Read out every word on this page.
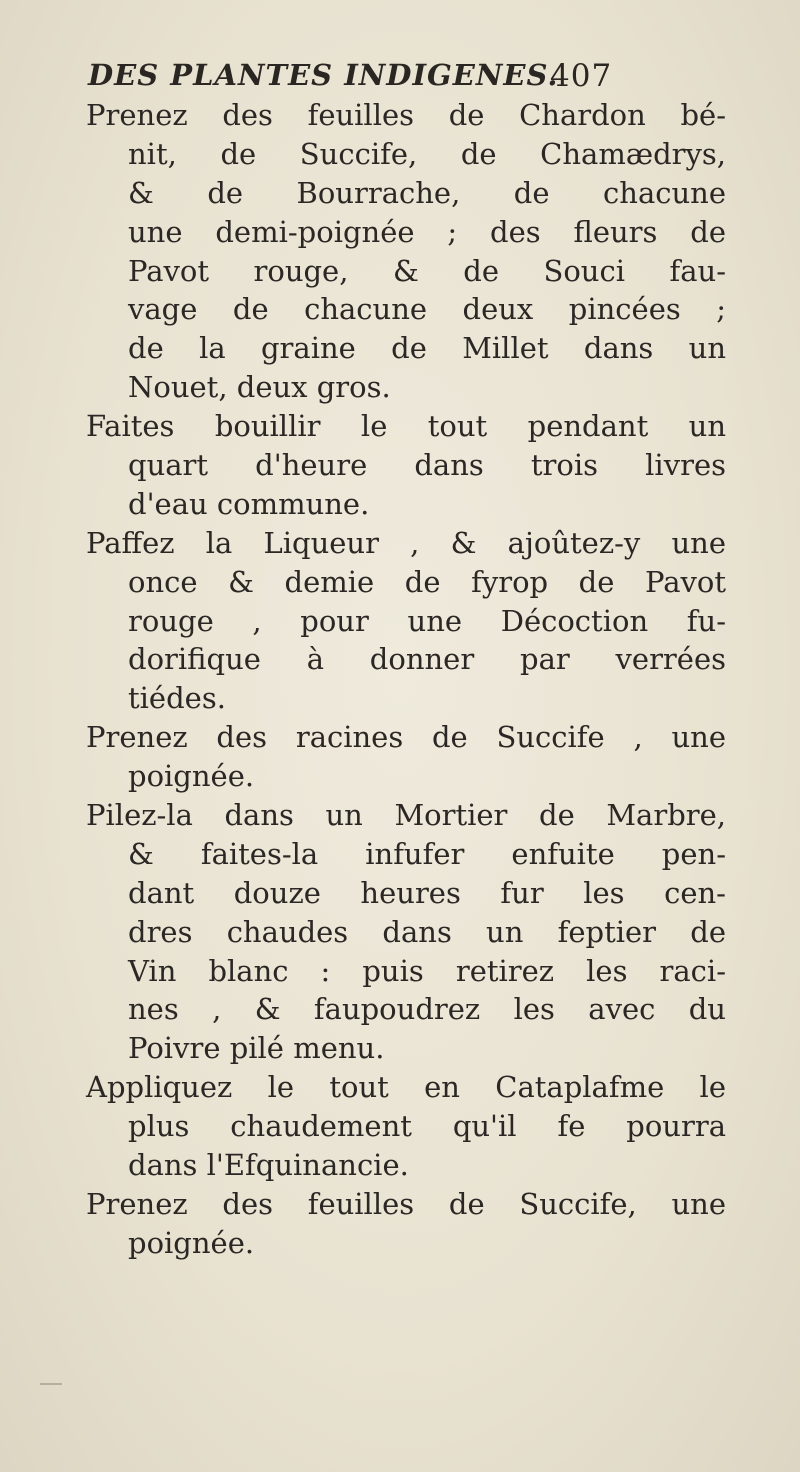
DES PLANTES INDIGENES.
407
Prenez des feuilles de Chardon bé-
nit, de Succife, de Chamædrys,
& de Bourrache, de chacune
une demi-poignée ; des fleurs de
Pavot rouge, & de Souci fau-
vage de chacune deux pincées ;
de la graine de Millet dans un
Nouet, deux gros.
Faites bouillir le tout pendant un
quart d'heure dans trois livres
d'eau commune.
Paffez la Liqueur , & ajoûtez-y une
once & demie de fyrop de Pavot
rouge , pour une Décoction fu-
dorifique à donner par verrées
tiédes.
Prenez des racines de Succife , une
poignée.
Pilez-la dans un Mortier de Marbre,
& faites-la infufer enfuite pen-
dant douze heures fur les cen-
dres chaudes dans un feptier de
Vin blanc : puis retirez les raci-
nes , & faupoudrez les avec du
Poivre pilé menu.
Appliquez le tout en Cataplafme le
plus chaudement qu'il fe pourra
dans l'Efquinancie.
Prenez des feuilles de Succife, une
poignée.
